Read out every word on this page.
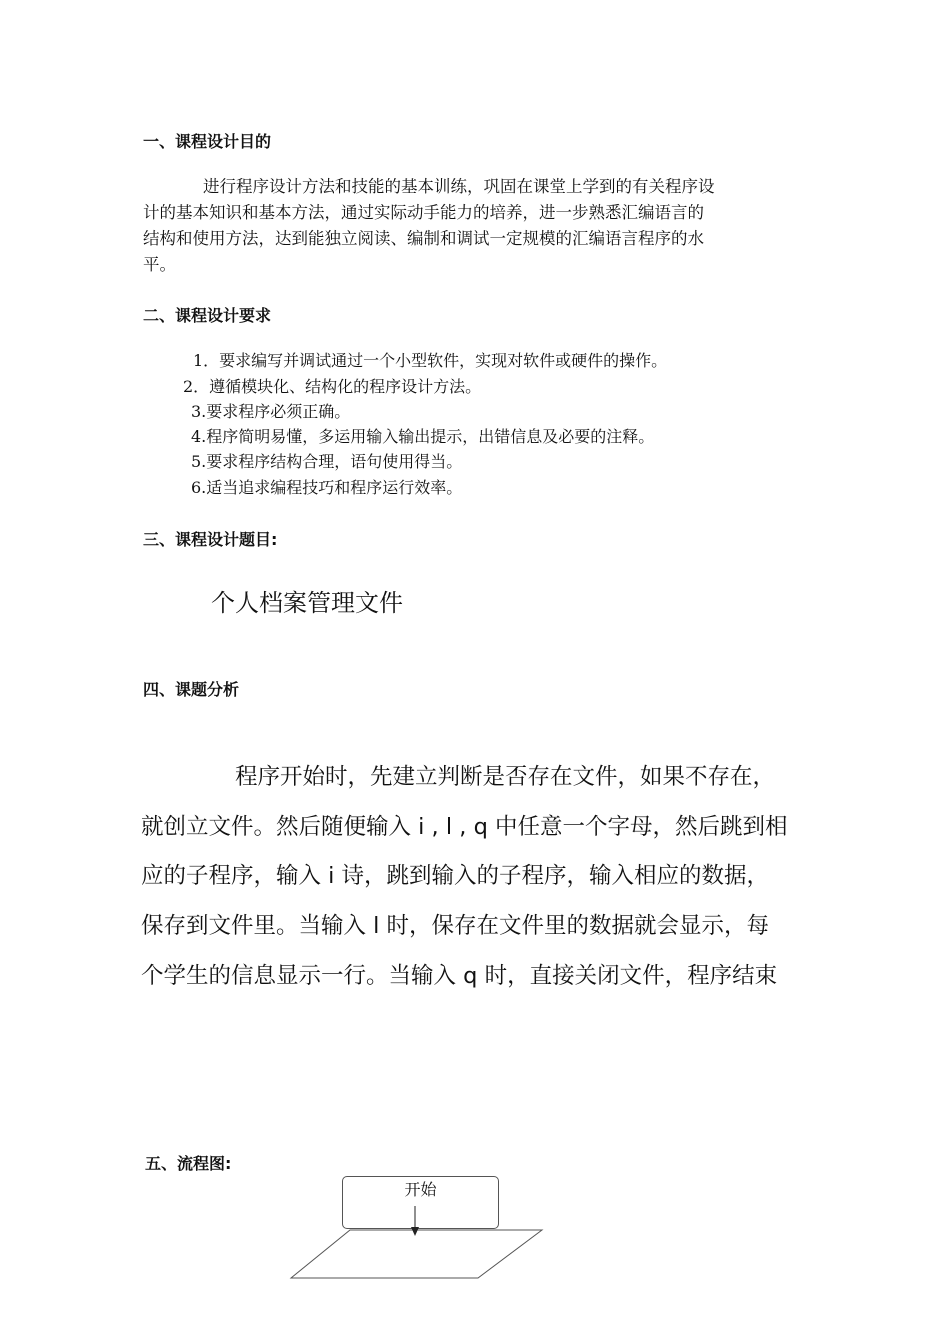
一、课程设计目的
进行程序设计方法和技能的基本训练，巩固在课堂上学到的有关程序设
计的基本知识和基本方法，通过实际动手能力的培养，进一步熟悉汇编语言的
结构和使用方法，达到能独立阅读、编制和调试一定规模的汇编语言程序的水
平。
二、课程设计要求
1．要求编写并调试通过一个小型软件，实现对软件或硬件的操作。
2．遵循模块化、结构化的程序设计方法。
3.要求程序必须正确。
4.程序简明易懂，多运用输入输出提示，出错信息及必要的注释。
5.要求程序结构合理，语句使用得当。
6.适当追求编程技巧和程序运行效率。
三、课程设计题目:
个人档案管理文件
四、课题分析
程序开始时，先建立判断是否存在文件，如果不存在，
就创立文件。然后随便输入 i , l , q 中任意一个字母，然后跳到相
应的子程序，输入 i 诗，跳到输入的子程序，输入相应的数据，
保存到文件里。当输入 l 时，保存在文件里的数据就会显示，每
个学生的信息显示一行。当输入 q 时，直接关闭文件，程序结束
五、流程图:
开始
